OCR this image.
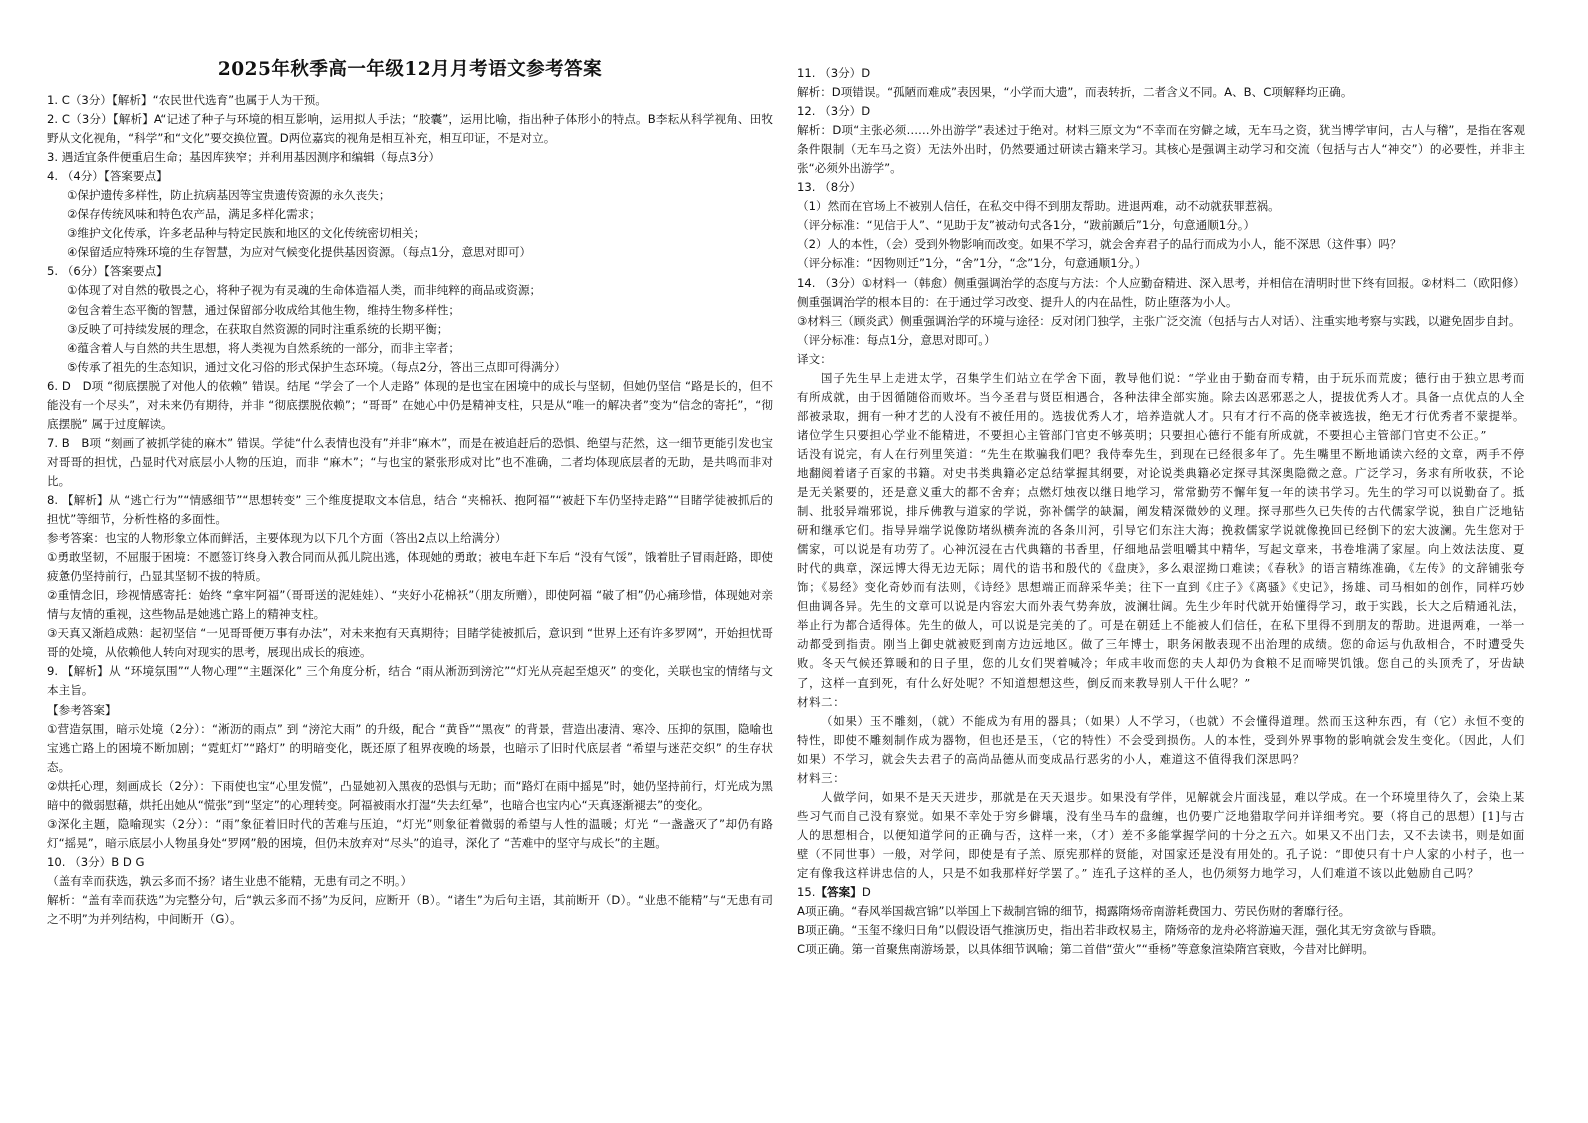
2025年秋季高一年级12月月考语文参考答案

1. C（3分）【解析】“农民世代选育”也属于人为干预。

2. C（3分）【解析】A“记述了种子与环境的相互影响，运用拟人手法；“胶囊”，运用比喻，指出种子体形小的特点。B李耘从科学视角、田牧野从文化视角，“科学”和“文化”要交换位置。D两位嘉宾的视角是相互补充，相互印证，不是对立。

3. 遇适宜条件便重启生命；基因库狭窄；并利用基因测序和编辑（每点3分）

4. （4分）【答案要点】

①保护遗传多样性，防止抗病基因等宝贵遗传资源的永久丧失；

②保存传统风味和特色农产品，满足多样化需求；

③维护文化传承，许多老品种与特定民族和地区的文化传统密切相关；

④保留适应特殊环境的生存智慧，为应对气候变化提供基因资源。（每点1分，意思对即可）

5. （6分）【答案要点】

①体现了对自然的敬畏之心，将种子视为有灵魂的生命体造福人类，而非纯粹的商品或资源；

②包含着生态平衡的智慧，通过保留部分收成给其他生物，维持生物多样性；

③反映了可持续发展的理念，在获取自然资源的同时注重系统的长期平衡；

④蕴含着人与自然的共生思想，将人类视为自然系统的一部分，而非主宰者；

⑤传承了祖先的生态知识，通过文化习俗的形式保护生态环境。（每点2分，答出三点即可得满分）

6. D　D项 “彻底摆脱了对他人的依赖” 错误。结尾 “学会了一个人走路” 体现的是也宝在困境中的成长与坚韧，但她仍坚信 “路是长的，但不能没有一个尽头”，对未来仍有期待，并非 “彻底摆脱依赖”；“哥哥” 在她心中仍是精神支柱，只是从“唯一的解决者”变为“信念的寄托”，“彻底摆脱” 属于过度解读。

7. B　B项 “刻画了被抓学徒的麻木” 错误。学徒“什么表情也没有”并非“麻木”，而是在被追赶后的恐惧、绝望与茫然，这一细节更能引发也宝对哥哥的担忧，凸显时代对底层小人物的压迫，而非 “麻木”；“与也宝的紧张形成对比”也不准确，二者均体现底层者的无助，是共鸣而非对比。

8. 【解析】从 “逃亡行为”“情感细节”“思想转变” 三个维度提取文本信息，结合 “夹棉袄、抱阿福”“被赶下车仍坚持走路”“目睹学徒被抓后的担忧”等细节，分析性格的多面性。

参考答案：也宝的人物形象立体而鲜活，主要体现为以下几个方面（答出2点以上给满分）

①勇敢坚韧，不屈服于困境：不愿签订终身入教合同而从孤儿院出逃，体现她的勇敢；被电车赶下车后 “没有气馁”，饿着肚子冒雨赶路，即使疲惫仍坚持前行，凸显其坚韧不拔的特质。

②重情念旧，珍视情感寄托：始终 “拿牢阿福”（哥哥送的泥娃娃）、“夹好小花棉袄”（朋友所赠），即使阿福 “破了相”仍心痛珍惜，体现她对亲情与友情的重视，这些物品是她逃亡路上的精神支柱。

③天真又渐趋成熟：起初坚信 “一见哥哥便万事有办法”，对未来抱有天真期待；目睹学徒被抓后，意识到 “世界上还有许多罗网”，开始担忧哥哥的处境，从依赖他人转向对现实的思考，展现出成长的痕迹。

9. 【解析】从 “环境氛围”“人物心理”“主题深化” 三个角度分析，结合 “雨从淅沥到滂沱”“灯光从亮起至熄灭” 的变化，关联也宝的情绪与文本主旨。

【参考答案】

①营造氛围，暗示处境（2分）：“淅沥的雨点” 到 “滂沱大雨” 的升级，配合 “黄昏”“黑夜” 的背景，营造出凄清、寒冷、压抑的氛围，隐喻也宝逃亡路上的困境不断加剧；“霓虹灯”“路灯” 的明暗变化，既还原了租界夜晚的场景，也暗示了旧时代底层者 “希望与迷茫交织” 的生存状态。

②烘托心理，刻画成长（2分）：下雨使也宝“心里发慌”，凸显她初入黑夜的恐惧与无助；而“路灯在雨中摇晃”时，她仍坚持前行，灯光成为黑暗中的微弱慰藉，烘托出她从“慌张”到“坚定”的心理转变。阿福被雨水打湿“失去红晕”，也暗合也宝内心“天真逐渐褪去”的变化。

③深化主题，隐喻现实（2分）：“雨”象征着旧时代的苦难与压迫，“灯光”则象征着微弱的希望与人性的温暖；灯光 “一盏盏灭了”却仍有路灯“摇晃”，暗示底层小人物虽身处“罗网”般的困境，但仍未放弃对“尽头”的追寻，深化了 “苦难中的坚守与成长”的主题。

10. （3分）B D G

（盖有幸而获选，孰云多而不扬？诸生业患不能精，无患有司之不明。）

解析：“盖有幸而获选”为完整分句，后“孰云多而不扬”为反问，应断开（B）。“诸生”为后句主语，其前断开（D）。“业患不能精”与“无患有司之不明”为并列结构，中间断开（G）。

11. （3分）D

解析：D项错误。“孤陋而难成”表因果，“小学而大遗”，而表转折，二者含义不同。A、B、C项解释均正确。

12. （3分）D

解析：D项“主张必须……外出游学”表述过于绝对。材料三原文为“不幸而在穷僻之域，无车马之资，犹当博学审问，古人与稽”，是指在客观条件限制（无车马之资）无法外出时，仍然要通过研读古籍来学习。其核心是强调主动学习和交流（包括与古人“神交”）的必要性，并非主张“必须外出游学”。

13. （8分）

（1）然而在官场上不被别人信任，在私交中得不到朋友帮助。进退两难，动不动就获罪惹祸。

（评分标准：“见信于人”、“见助于友”被动句式各1分，“跋前踬后”1分，句意通顺1分。）

（2）人的本性，（会）受到外物影响而改变。如果不学习，就会舍弃君子的品行而成为小人，能不深思（这件事）吗？

（评分标准：“因物则迁”1分，“舍”1分，“念”1分，句意通顺1分。）

14. （3分）①材料一（韩愈）侧重强调治学的态度与方法：个人应勤奋精进、深入思考，并相信在清明时世下终有回报。②材料二（欧阳修）侧重强调治学的根本目的：在于通过学习改变、提升人的内在品性，防止堕落为小人。

③材料三（顾炎武）侧重强调治学的环境与途径：反对闭门独学，主张广泛交流（包括与古人对话）、注重实地考察与实践，以避免固步自封。

（评分标准：每点1分，意思对即可。）

译文：

国子先生早上走进太学，召集学生们站立在学舍下面，教导他们说：“学业由于勤奋而专精，由于玩乐而荒废；德行由于独立思考而有所成就，由于因循随俗而败坏。当今圣君与贤臣相遇合，各种法律全部实施。除去凶恶邪恶之人，提拔优秀人才。具备一点优点的人全部被录取，拥有一种才艺的人没有不被任用的。选拔优秀人才，培养造就人才。只有才行不高的侥幸被选拔，绝无才行优秀者不蒙提举。诸位学生只要担心学业不能精进，不要担心主管部门官吏不够英明；只要担心德行不能有所成就，不要担心主管部门官吏不公正。”

话没有说完，有人在行列里笑道：“先生在欺骗我们吧？我侍奉先生，到现在已经很多年了。先生嘴里不断地诵读六经的文章，两手不停地翻阅着诸子百家的书籍。对史书类典籍必定总结掌握其纲要，对论说类典籍必定探寻其深奥隐微之意。广泛学习，务求有所收获，不论是无关紧要的，还是意义重大的都不舍弃；点燃灯烛夜以继日地学习，常常勤劳不懈年复一年的读书学习。先生的学习可以说勤奋了。抵制、批驳异端邪说，排斥佛教与道家的学说，弥补儒学的缺漏，阐发精深微妙的义理。探寻那些久已失传的古代儒家学说，独自广泛地钻研和继承它们。指导异端学说像防堵纵横奔流的各条川河，引导它们东注大海；挽救儒家学说就像挽回已经倒下的宏大波澜。先生您对于儒家，可以说是有功劳了。心神沉浸在古代典籍的书香里，仔细地品尝咀嚼其中精华，写起文章来，书卷堆满了家屋。向上效法法度、夏时代的典章，深远博大得无边无际；周代的诰书和殷代的《盘庚》，多么艰涩拗口难读；《春秋》的语言精练准确，《左传》的文辞铺张夸饰；《易经》变化奇妙而有法则，《诗经》思想端正而辞采华美；往下一直到《庄子》《离骚》《史记》，扬雄、司马相如的创作，同样巧妙但曲调各异。先生的文章可以说是内容宏大而外表气势奔放，波澜壮阔。先生少年时代就开始懂得学习，敢于实践，长大之后精通礼法，举止行为都合适得体。先生的做人，可以说是完美的了。可是在朝廷上不能被人们信任，在私下里得不到朋友的帮助。进退两难，一举一动都受到指责。刚当上御史就被贬到南方边远地区。做了三年博士，职务闲散表现不出治理的成绩。您的命运与仇敌相合，不时遭受失败。冬天气候还算暖和的日子里，您的儿女们哭着喊冷；年成丰收而您的夫人却仍为食粮不足而啼哭饥饿。您自己的头顶秃了，牙齿缺了，这样一直到死，有什么好处呢？不知道想想这些，倒反而来教导别人干什么呢？”

材料二：

（如果）玉不雕刻，（就）不能成为有用的器具；（如果）人不学习，（也就）不会懂得道理。然而玉这种东西，有（它）永恒不变的特性，即使不雕刻制作成为器物，但也还是玉，（它的特性）不会受到损伤。人的本性，受到外界事物的影响就会发生变化。（因此，人们如果）不学习，就会失去君子的高尚品德从而变成品行恶劣的小人，难道这不值得我们深思吗？

材料三：

人做学问，如果不是天天进步，那就是在天天退步。如果没有学伴，见解就会片面浅显，难以学成。在一个环境里待久了，会染上某些习气而自己没有察觉。如果不幸处于穷乡僻壤，没有坐马车的盘缠，也仍要广泛地猎取学问并详细考究。要（将自己的思想）[1]与古人的思想相合，以便知道学问的正确与否，这样一来，（才）差不多能掌握学问的十分之五六。如果又不出门去，又不去读书，则是如面壁（不同世事）一般，对学问，即使是有子羔、原宪那样的贤能，对国家还是没有用处的。孔子说：“即使只有十户人家的小村子，也一定有像我这样讲忠信的人，只是不如我那样好学罢了。” 连孔子这样的圣人，也仍须努力地学习，人们难道不该以此勉励自己吗？

15.【答案】D

A项正确。“春风举国裁宫锦”以举国上下裁制宫锦的细节，揭露隋炀帝南游耗费国力、劳民伤财的奢靡行径。

B项正确。“玉玺不缘归日角”以假设语气推演历史，指出若非政权易主，隋炀帝的龙舟必将游遍天涯，强化其无穷贪欲与昏聩。

C项正确。第一首聚焦南游场景，以具体细节讽喻；第二首借“萤火”“垂杨”等意象渲染隋宫衰败，今昔对比鲜明。
